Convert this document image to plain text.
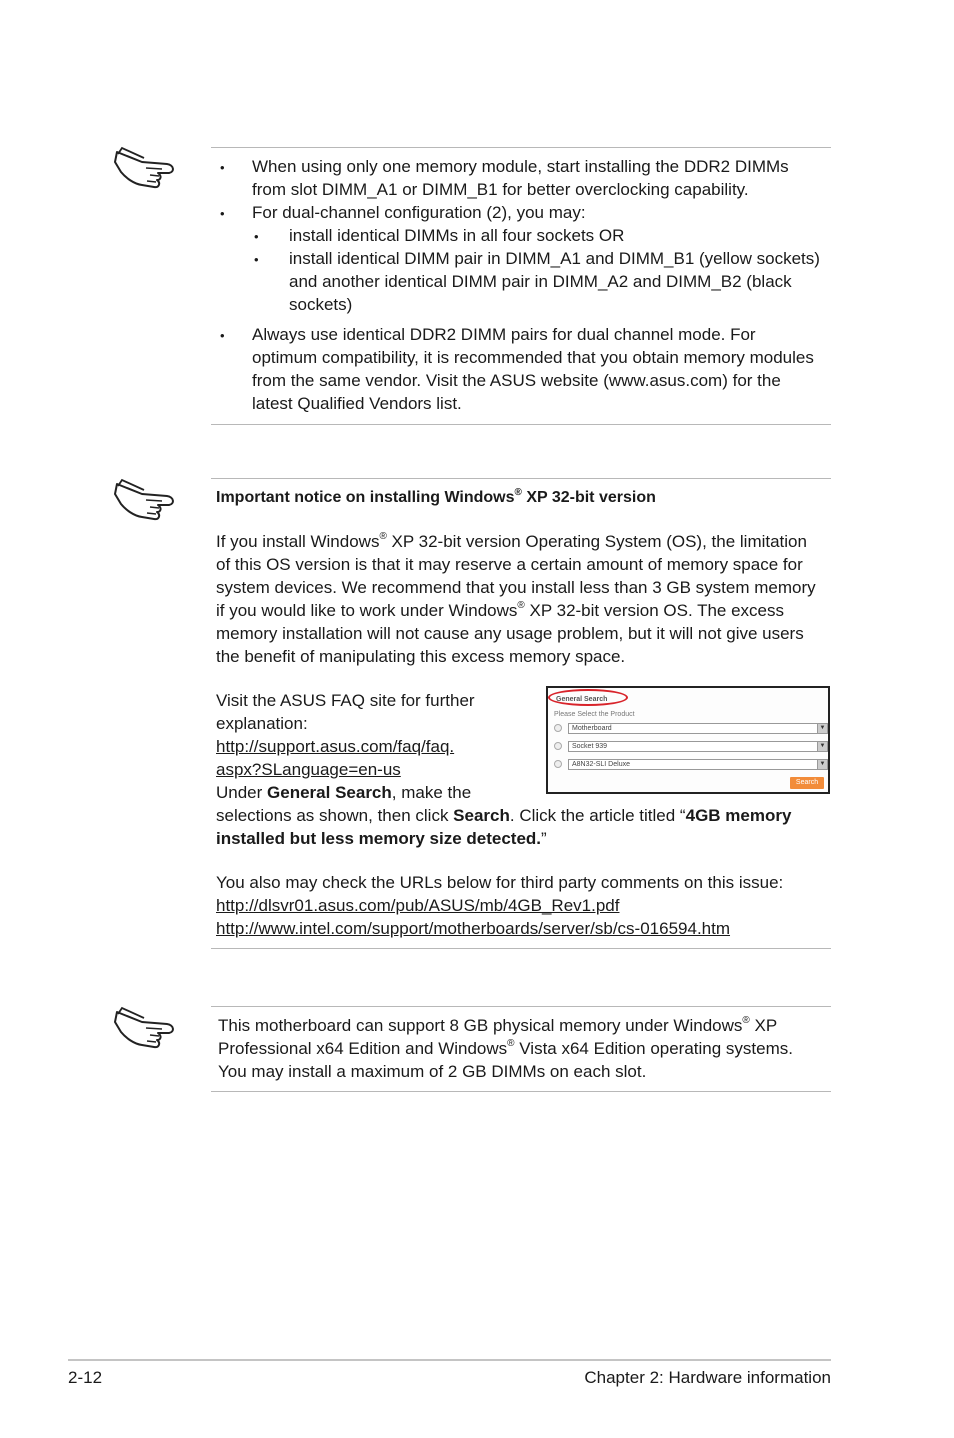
• When using only one memory module, start installing the DDR2 DIMMs

from slot DIMM_A1 or DIMM_B1 for better overclocking capability.

• For dual-channel configuration (2), you may:

• install identical DIMMs in all four sockets OR

• install identical DIMM pair in DIMM_A1 and DIMM_B1 (yellow sockets)

and another identical DIMM pair in DIMM_A2 and DIMM_B2 (black

sockets)

• Always use identical DDR2 DIMM pairs for dual channel mode. For

optimum compatibility, it is recommended that you obtain memory modules

from the same vendor. Visit the ASUS website (www.asus.com) for the

latest Qualified Vendors list.

Important notice on installing Windows® XP 32-bit version

If you install Windows® XP 32-bit version Operating System (OS), the limitation

of this OS version is that it may reserve a certain amount of memory space for

system devices. We recommend that you install less than 3 GB system memory

if you would like to work under Windows® XP 32-bit version OS. The excess

memory installation will not cause any usage problem, but it will not give users

the benefit of manipulating this excess memory space.

Visit the ASUS FAQ site for further

explanation:

http://support.asus.com/faq/faq.

aspx?SLanguage=en-us

Under General Search, make the

selections as shown, then click Search. Click the article titled “4GB memory

installed but less memory size detected.”

General Search
Please Select the Product
Motherboard	▼
Socket 939	▼
A8N32-SLI Deluxe	▼
Search

You also may check the URLs below for third party comments on this issue:

http://dlsvr01.asus.com/pub/ASUS/mb/4GB_Rev1.pdf

http://www.intel.com/support/motherboards/server/sb/cs-016594.htm

This motherboard can support 8 GB physical memory under Windows® XP

Professional x64 Edition and Windows® Vista x64 Edition operating systems.

You may install a maximum of 2 GB DIMMs on each slot.

2-12	Chapter 2: Hardware information
